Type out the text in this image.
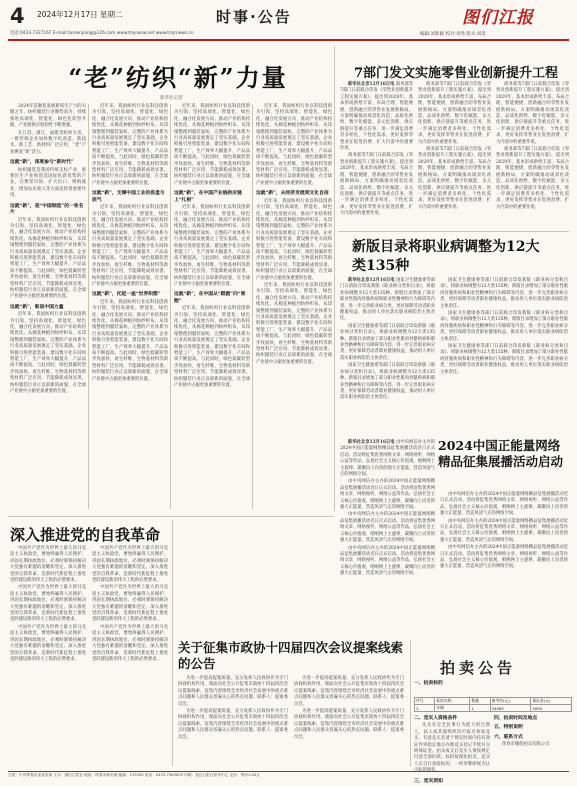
4 2024年12月17日 星期二	时事·公告	图们江报
电话:0433-7327167 E-mail:tumenjiang@126.com www.tmjrwsw.net www.tmjrnews.cn	编辑:刘新颖 校对:刘秀 版式:刘景
“老”纺织“新”力量
新华社记者

2024年是聚焦发展新质生产力的关键之年，纺织服装行业顺势而为，持续推进高端化、智能化、绿色化转型升级，产业链供应链韧性不断增强。

在江苏、浙江、福建等纺织大省，一批传统企业加快数字化改造，新技术、新工艺、新材料广泛应用，“老”产业焕发“新”活力。

这就“新”，深度参与“新时代”

纺织服装是我国传统支柱产业、重要民生产业和创造国际化新优势的产业，在繁荣市场、扩大出口、吸纳就业、增加农民收入等方面发挥着重要作用。

这就“新”，是“中国制造”的一张名片

近年来，我国纺织行业以科技创新为引领，坚持高端化、智能化、绿色化、融合化发展方向，推动产业结构持续优化。从棉花种植到纺纱织布，从印染整理到服装家纺，完整的产业体系为行业高质量发展奠定了坚实基础。企业积极引进智能装备，建设数字化车间和智能工厂，生产效率大幅提升，产品品质不断提高。与此同时，绿色低碳转型步伐加快，再生纤维、生物基材料等新型材料广泛应用，节能降耗成效显著。纺织服装行业正以崭新的面貌，在全球产业链中占据更加重要的位置。

这就“新”，彰显中国力量

近年来，我国纺织行业以科技创新为引领，坚持高端化、智能化、绿色化、融合化发展方向，推动产业结构持续优化。从棉花种植到纺纱织布，从印染整理到服装家纺，完整的产业体系为行业高质量发展奠定了坚实基础。企业积极引进智能装备，建设数字化车间和智能工厂，生产效率大幅提升，产品品质不断提高。与此同时，绿色低碳转型步伐加快，再生纤维、生物基材料等新型材料广泛应用，节能降耗成效显著。纺织服装行业正以崭新的面貌，在全球产业链中占据更加重要的位置。

近年来，我国纺织行业以科技创新为引领，坚持高端化、智能化、绿色化、融合化发展方向，推动产业结构持续优化。从棉花种植到纺纱织布，从印染整理到服装家纺，完整的产业体系为行业高质量发展奠定了坚实基础。企业积极引进智能装备，建设数字化车间和智能工厂，生产效率大幅提升，产品品质不断提高。与此同时，绿色低碳转型步伐加快，再生纤维、生物基材料等新型材料广泛应用，节能降耗成效显著。纺织服装行业正以崭新的面貌，在全球产业链中占据更加重要的位置。

这就“新”，支撑中国工业的底盘与底气

近年来，我国纺织行业以科技创新为引领，坚持高端化、智能化、绿色化、融合化发展方向，推动产业结构持续优化。从棉花种植到纺纱织布，从印染整理到服装家纺，完整的产业体系为行业高质量发展奠定了坚实基础。企业积极引进智能装备，建设数字化车间和智能工厂，生产效率大幅提升，产品品质不断提高。与此同时，绿色低碳转型步伐加快，再生纤维、生物基材料等新型材料广泛应用，节能降耗成效显著。纺织服装行业正以崭新的面貌，在全球产业链中占据更加重要的位置。

这就“新”，托起一座“世界织都”

近年来，我国纺织行业以科技创新为引领，坚持高端化、智能化、绿色化、融合化发展方向，推动产业结构持续优化。从棉花种植到纺纱织布，从印染整理到服装家纺，完整的产业体系为行业高质量发展奠定了坚实基础。企业积极引进智能装备，建设数字化车间和智能工厂，生产效率大幅提升，产品品质不断提高。与此同时，绿色低碳转型步伐加快，再生纤维、生物基材料等新型材料广泛应用，节能降耗成效显著。纺织服装行业正以崭新的面貌，在全球产业链中占据更加重要的位置。

近年来，我国纺织行业以科技创新为引领，坚持高端化、智能化、绿色化、融合化发展方向，推动产业结构持续优化。从棉花种植到纺纱织布，从印染整理到服装家纺，完整的产业体系为行业高质量发展奠定了坚实基础。企业积极引进智能装备，建设数字化车间和智能工厂，生产效率大幅提升，产品品质不断提高。与此同时，绿色低碳转型步伐加快，再生纤维、生物基材料等新型材料广泛应用，节能降耗成效显著。纺织服装行业正以崭新的面貌，在全球产业链中占据更加重要的位置。

这就“新”，在中国产业链供应链上“扎根”

近年来，我国纺织行业以科技创新为引领，坚持高端化、智能化、绿色化、融合化发展方向，推动产业结构持续优化。从棉花种植到纺纱织布，从印染整理到服装家纺，完整的产业体系为行业高质量发展奠定了坚实基础。企业积极引进智能装备，建设数字化车间和智能工厂，生产效率大幅提升，产品品质不断提高。与此同时，绿色低碳转型步伐加快，再生纤维、生物基材料等新型材料广泛应用，节能降耗成效显著。纺织服装行业正以崭新的面貌，在全球产业链中占据更加重要的位置。

这就“新”，在中国从“跟跑”向“领跑”

近年来，我国纺织行业以科技创新为引领，坚持高端化、智能化、绿色化、融合化发展方向，推动产业结构持续优化。从棉花种植到纺纱织布，从印染整理到服装家纺，完整的产业体系为行业高质量发展奠定了坚实基础。企业积极引进智能装备，建设数字化车间和智能工厂，生产效率大幅提升，产品品质不断提高。与此同时，绿色低碳转型步伐加快，再生纤维、生物基材料等新型材料广泛应用，节能降耗成效显著。纺织服装行业正以崭新的面貌，在全球产业链中占据更加重要的位置。

近年来，我国纺织行业以科技创新为引领，坚持高端化、智能化、绿色化、融合化发展方向，推动产业结构持续优化。从棉花种植到纺纱织布，从印染整理到服装家纺，完整的产业体系为行业高质量发展奠定了坚实基础。企业积极引进智能装备，建设数字化车间和智能工厂，生产效率大幅提升，产品品质不断提高。与此同时，绿色低碳转型步伐加快，再生纤维、生物基材料等新型材料广泛应用，节能降耗成效显著。纺织服装行业正以崭新的面貌，在全球产业链中占据更加重要的位置。

这就“新”，从经济发展到文化自信

近年来，我国纺织行业以科技创新为引领，坚持高端化、智能化、绿色化、融合化发展方向，推动产业结构持续优化。从棉花种植到纺纱织布，从印染整理到服装家纺，完整的产业体系为行业高质量发展奠定了坚实基础。企业积极引进智能装备，建设数字化车间和智能工厂，生产效率大幅提升，产品品质不断提高。与此同时，绿色低碳转型步伐加快，再生纤维、生物基材料等新型材料广泛应用，节能降耗成效显著。纺织服装行业正以崭新的面貌，在全球产业链中占据更加重要的位置。

近年来，我国纺织行业以科技创新为引领，坚持高端化、智能化、绿色化、融合化发展方向，推动产业结构持续优化。从棉花种植到纺纱织布，从印染整理到服装家纺，完整的产业体系为行业高质量发展奠定了坚实基础。企业积极引进智能装备，建设数字化车间和智能工厂，生产效率大幅提升，产品品质不断提高。与此同时，绿色低碳转型步伐加快，再生纤维、生物基材料等新型材料广泛应用，节能降耗成效显著。纺织服装行业正以崭新的面貌，在全球产业链中占据更加重要的位置。

7部门发文实施零售业创新提升工程

新华社北京12月16日电 商务部等7部门日前联合印发《零售业创新提升工程实施方案》，提出到2029年，基本形成供给丰富、布局合理、智能便捷、创新融合的零售业发展新格局。方案明确推动场景化改造、品质化供给、数字化赋能、多元化创新、供应链提升等重点任务，进一步满足消费者多样化、个性化需求，更好发挥零售业在促进消费、扩大内需中的重要作用。

商务部等7部门日前联合印发《零售业创新提升工程实施方案》，提出到2029年，基本形成供给丰富、布局合理、智能便捷、创新融合的零售业发展新格局。方案明确推动场景化改造、品质化供给、数字化赋能、多元化创新、供应链提升等重点任务，进一步满足消费者多样化、个性化需求，更好发挥零售业在促进消费、扩大内需中的重要作用。

商务部等7部门日前联合印发《零售业创新提升工程实施方案》，提出到2029年，基本形成供给丰富、布局合理、智能便捷、创新融合的零售业发展新格局。方案明确推动场景化改造、品质化供给、数字化赋能、多元化创新、供应链提升等重点任务，进一步满足消费者多样化、个性化需求，更好发挥零售业在促进消费、扩大内需中的重要作用。

商务部等7部门日前联合印发《零售业创新提升工程实施方案》，提出到2029年，基本形成供给丰富、布局合理、智能便捷、创新融合的零售业发展新格局。方案明确推动场景化改造、品质化供给、数字化赋能、多元化创新、供应链提升等重点任务，进一步满足消费者多样化、个性化需求，更好发挥零售业在促进消费、扩大内需中的重要作用。

商务部等7部门日前联合印发《零售业创新提升工程实施方案》，提出到2029年，基本形成供给丰富、布局合理、智能便捷、创新融合的零售业发展新格局。方案明确推动场景化改造、品质化供给、数字化赋能、多元化创新、供应链提升等重点任务，进一步满足消费者多样化、个性化需求，更好发挥零售业在促进消费、扩大内需中的重要作用。

商务部等7部门日前联合印发《零售业创新提升工程实施方案》，提出到2029年，基本形成供给丰富、布局合理、智能便捷、创新融合的零售业发展新格局。方案明确推动场景化改造、品质化供给、数字化赋能、多元化创新、供应链提升等重点任务，进一步满足消费者多样化、个性化需求，更好发挥零售业在促进消费、扩大内需中的重要作用。

新版目录将职业病调整为12大类135种

新华社北京12月16日电 国家卫生健康委等部门日前联合印发新版《职业病分类和目录》，将职业病调整为12大类135种。新版目录增加了部分职业性肌肉骨骼疾病和职业性精神和行为障碍等内容，进一步完善职业病分类，更好保障劳动者职业健康权益，推动用人单位落实职业病防治主体责任。

国家卫生健康委等部门日前联合印发新版《职业病分类和目录》，将职业病调整为12大类135种。新版目录增加了部分职业性肌肉骨骼疾病和职业性精神和行为障碍等内容，进一步完善职业病分类，更好保障劳动者职业健康权益，推动用人单位落实职业病防治主体责任。

国家卫生健康委等部门日前联合印发新版《职业病分类和目录》，将职业病调整为12大类135种。新版目录增加了部分职业性肌肉骨骼疾病和职业性精神和行为障碍等内容，进一步完善职业病分类，更好保障劳动者职业健康权益，推动用人单位落实职业病防治主体责任。

国家卫生健康委等部门日前联合印发新版《职业病分类和目录》，将职业病调整为12大类135种。新版目录增加了部分职业性肌肉骨骼疾病和职业性精神和行为障碍等内容，进一步完善职业病分类，更好保障劳动者职业健康权益，推动用人单位落实职业病防治主体责任。

国家卫生健康委等部门日前联合印发新版《职业病分类和目录》，将职业病调整为12大类135种。新版目录增加了部分职业性肌肉骨骼疾病和职业性精神和行为障碍等内容，进一步完善职业病分类，更好保障劳动者职业健康权益，推动用人单位落实职业病防治主体责任。

国家卫生健康委等部门日前联合印发新版《职业病分类和目录》，将职业病调整为12大类135种。新版目录增加了部分职业性肌肉骨骼疾病和职业性精神和行为障碍等内容，进一步完善职业病分类，更好保障劳动者职业健康权益，推动用人单位落实职业病防治主体责任。

2024中国正能量网络精品征集展播活动启动

新华社北京12月16日电 由中央网信办主办的2024中国正能量网络精品征集展播活动近日正式启动。活动将征集优秀网络文章、网络视听、网络公益等作品，弘扬社会主义核心价值观，唱响网上主旋律，凝聚向上向善的强大正能量，营造风清气正的网络空间。

由中央网信办主办的2024中国正能量网络精品征集展播活动近日正式启动。活动将征集优秀网络文章、网络视听、网络公益等作品，弘扬社会主义核心价值观，唱响网上主旋律，凝聚向上向善的强大正能量，营造风清气正的网络空间。

由中央网信办主办的2024中国正能量网络精品征集展播活动近日正式启动。活动将征集优秀网络文章、网络视听、网络公益等作品，弘扬社会主义核心价值观，唱响网上主旋律，凝聚向上向善的强大正能量，营造风清气正的网络空间。

由中央网信办主办的2024中国正能量网络精品征集展播活动近日正式启动。活动将征集优秀网络文章、网络视听、网络公益等作品，弘扬社会主义核心价值观，唱响网上主旋律，凝聚向上向善的强大正能量，营造风清气正的网络空间。

由中央网信办主办的2024中国正能量网络精品征集展播活动近日正式启动。活动将征集优秀网络文章、网络视听、网络公益等作品，弘扬社会主义核心价值观，唱响网上主旋律，凝聚向上向善的强大正能量，营造风清气正的网络空间。

由中央网信办主办的2024中国正能量网络精品征集展播活动近日正式启动。活动将征集优秀网络文章、网络视听、网络公益等作品，弘扬社会主义核心价值观，唱响网上主旋律，凝聚向上向善的强大正能量，营造风清气正的网络空间。

由中央网信办主办的2024中国正能量网络精品征集展播活动近日正式启动。活动将征集优秀网络文章、网络视听、网络公益等作品，弘扬社会主义核心价值观，唱响网上主旋律，凝聚向上向善的强大正能量，营造风清气正的网络空间。

深入推进党的自我革命

中国共产党作为世界上最大的马克思主义执政党，要始终赢得人民拥护、巩固长期执政地位，必须时刻保持解决大党独有难题的清醒和坚定。深入推进党的自我革命，是新时代新征程上推进党的建设新的伟大工程的必然要求。

中国共产党作为世界上最大的马克思主义执政党，要始终赢得人民拥护、巩固长期执政地位，必须时刻保持解决大党独有难题的清醒和坚定。深入推进党的自我革命，是新时代新征程上推进党的建设新的伟大工程的必然要求。

中国共产党作为世界上最大的马克思主义执政党，要始终赢得人民拥护、巩固长期执政地位，必须时刻保持解决大党独有难题的清醒和坚定。深入推进党的自我革命，是新时代新征程上推进党的建设新的伟大工程的必然要求。

中国共产党作为世界上最大的马克思主义执政党，要始终赢得人民拥护、巩固长期执政地位，必须时刻保持解决大党独有难题的清醒和坚定。深入推进党的自我革命，是新时代新征程上推进党的建设新的伟大工程的必然要求。

中国共产党作为世界上最大的马克思主义执政党，要始终赢得人民拥护、巩固长期执政地位，必须时刻保持解决大党独有难题的清醒和坚定。深入推进党的自我革命，是新时代新征程上推进党的建设新的伟大工程的必然要求。

中国共产党作为世界上最大的马克思主义执政党，要始终赢得人民拥护、巩固长期执政地位，必须时刻保持解决大党独有难题的清醒和坚定。深入推进党的自我革命，是新时代新征程上推进党的建设新的伟大工程的必然要求。

关于征集市政协十四届四次会议提案线索的公告

为进一步提高提案质量，充分发挥人民政协作为专门协商机构作用，现面向社会公开征集市政协十四届四次会议提案线索。征集内容围绕全市经济社会发展中的重点难点问题和人民群众普遍关心的热点问题。联系人：提案委员会。

为进一步提高提案质量，充分发挥人民政协作为专门协商机构作用，现面向社会公开征集市政协十四届四次会议提案线索。征集内容围绕全市经济社会发展中的重点难点问题和人民群众普遍关心的热点问题。联系人：提案委员会。

为进一步提高提案质量，充分发挥人民政协作为专门协商机构作用，现面向社会公开征集市政协十四届四次会议提案线索。征集内容围绕全市经济社会发展中的重点难点问题和人民群众普遍关心的热点问题。联系人：提案委员会。

为进一步提高提案质量，充分发挥人民政协作为专门协商机构作用，现面向社会公开征集市政协十四届四次会议提案线索。征集内容围绕全市经济社会发展中的重点难点问题和人民群众普遍关心的热点问题。联系人：提案委员会。

拍卖公告
一、拍卖标的
序号	标的名称	数量	参考价(元)	保证金(元)
1	车辆	1	34065	5000
二、竞买人资格条件

凡具有完全民事行为能力的自然人、法人或其他组织均可报名参加竞买。有意竞买者请于规定时间内持有效证件到指定地点办理竞买登记手续并交纳保证金。拍卖成交后竞买人须按规定付清全部价款。标的按现状拍卖，竞买人应自行查验标的，一经举牌即视为认可标的现状。

三、竞买须知
四、拍卖时间及地点
五、特别说明
六、联系方式

珲春市城投拍卖有限公司

主管：中共珲春市委宣传部 主办：图们江报社 地址：珲春市新安街 邮编：133300 电话：0433-7563003 印刷：延边日报社印务中心 定价：每份1.00元
